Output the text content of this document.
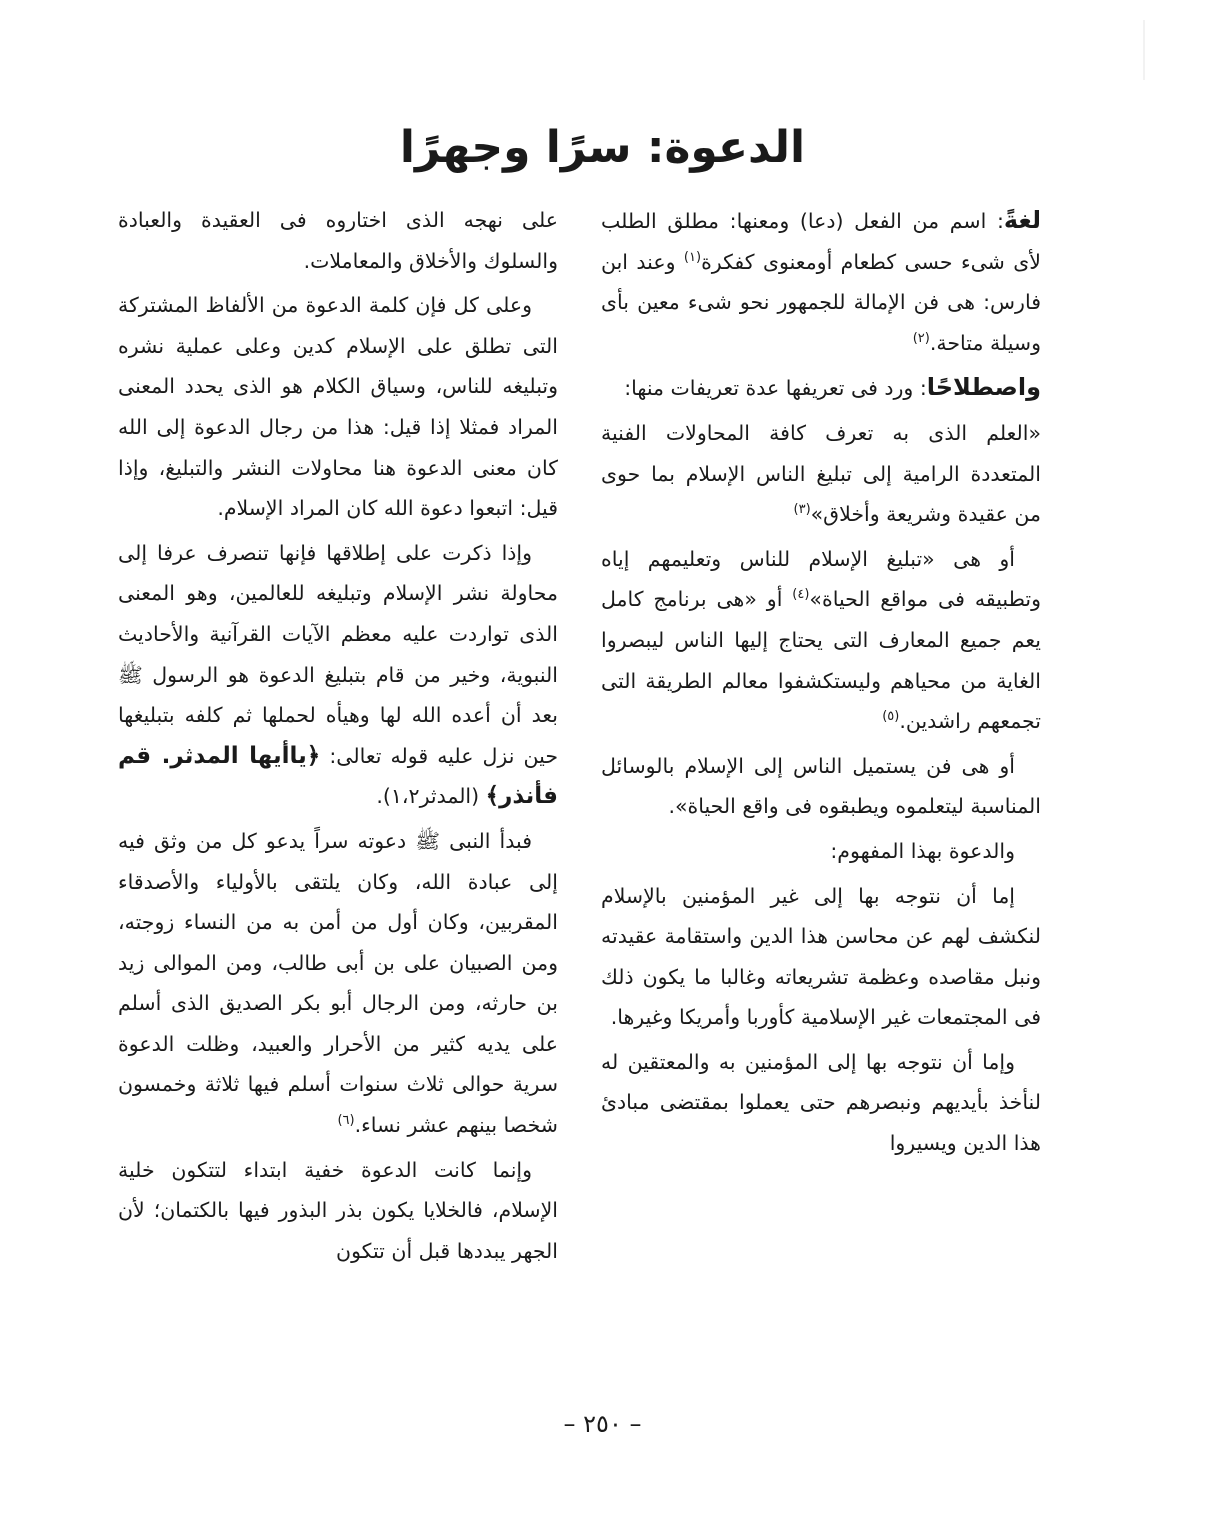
الدعوة: سرًا وجهرًا

لغةً: اسم من الفعل (دعا) ومعنها: مطلق الطلب لأى شىء حسى كطعام أومعنوى كفكرة$^{(١)}$ وعند ابن فارس: هى فن الإمالة للجمهور نحو شىء معين بأى وسيلة متاحة.$^{(٢)}$

واصطلاحًا: ورد فى تعريفها عدة تعريفات منها:

«العلم الذى به تعرف كافة المحاولات الفنية المتعددة الرامية إلى تبليغ الناس الإسلام بما حوى من عقيدة وشريعة وأخلاق»$^{(٣)}$

أو هى «تبليغ الإسلام للناس وتعليمهم إياه وتطبيقه فى مواقع الحياة»$^{(٤)}$ أو «هى برنامج كامل يعم جميع المعارف التى يحتاج إليها الناس ليبصروا الغاية من محياهم وليستكشفوا معالم الطريقة التى تجمعهم راشدين.$^{(٥)}$

أو هى فن يستميل الناس إلى الإسلام بالوسائل المناسبة ليتعلموه ويطبقوه فى واقع الحياة».

والدعوة بهذا المفهوم:

إما أن نتوجه بها إلى غير المؤمنين بالإسلام لنكشف لهم عن محاسن هذا الدين واستقامة عقيدته ونبل مقاصده وعظمة تشريعاته وغالبا ما يكون ذلك فى المجتمعات غير الإسلامية كأوربا وأمريكا وغيرها.

وإما أن نتوجه بها إلى المؤمنين به والمعتقين له لنأخذ بأيديهم ونبصرهم حتى يعملوا بمقتضى مبادئ هذا الدين ويسيروا

على نهجه الذى اختاروه فى العقيدة والعبادة والسلوك والأخلاق والمعاملات.

وعلى كل فإن كلمة الدعوة من الألفاظ المشتركة التى تطلق على الإسلام كدين وعلى عملية نشره وتبليغه للناس، وسياق الكلام هو الذى يحدد المعنى المراد فمثلا إذا قيل: هذا من رجال الدعوة إلى الله كان معنى الدعوة هنا محاولات النشر والتبليغ، وإذا قيل: اتبعوا دعوة الله كان المراد الإسلام.

وإذا ذكرت على إطلاقها فإنها تنصرف عرفا إلى محاولة نشر الإسلام وتبليغه للعالمين، وهو المعنى الذى تواردت عليه معظم الآيات القرآنية والأحاديث النبوية، وخير من قام بتبليغ الدعوة هو الرسول ﷺ بعد أن أعده الله لها وهيأه لحملها ثم كلفه بتبليغها حين نزل عليه قوله تعالى: ﴿ياأيها المدثر. قم فأنذر﴾ (المدثر١،٢).

فبدأ النبى ﷺ دعوته سراً يدعو كل من وثق فيه إلى عبادة الله، وكان يلتقى بالأولياء والأصدقاء المقربين، وكان أول من أمن به من النساء زوجته، ومن الصبيان على بن أبى طالب، ومن الموالى زيد بن حارثه، ومن الرجال أبو بكر الصديق الذى أسلم على يديه كثير من الأحرار والعبيد، وظلت الدعوة سرية حوالى ثلاث سنوات أسلم فيها ثلاثة وخمسون شخصا بينهم عشر نساء.$^{(٦)}$

وإنما كانت الدعوة خفية ابتداء لتتكون خلية الإسلام، فالخلايا يكون بذر البذور فيها بالكتمان؛ لأن الجهر يبددها قبل أن تتكون

– ٢٥٠ –
